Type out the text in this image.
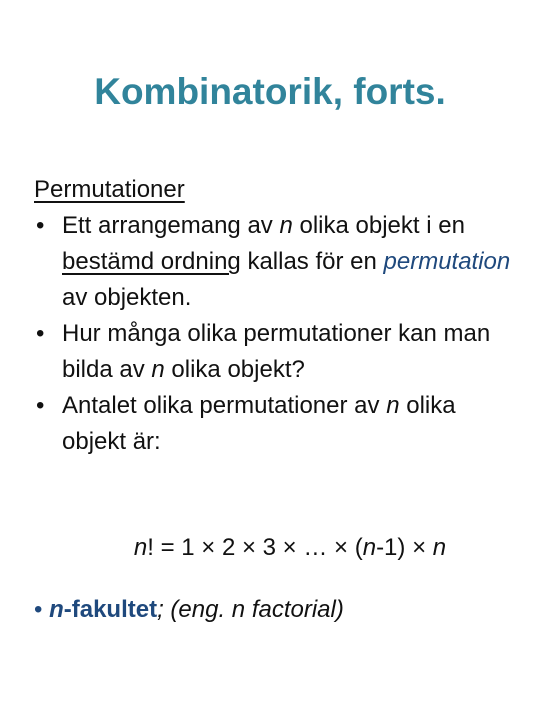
Kombinatorik, forts.
Permutationer
• Ett arrangemang av n olika objekt i en bestämd ordning kallas för en permutation av objekten.
• Hur många olika permutationer kan man bilda av n olika objekt?
• Antalet olika permutationer av n olika objekt är:
n! = 1 × 2 × 3 × … × (n-1) × n
• n-fakultet; (eng. n factorial)
